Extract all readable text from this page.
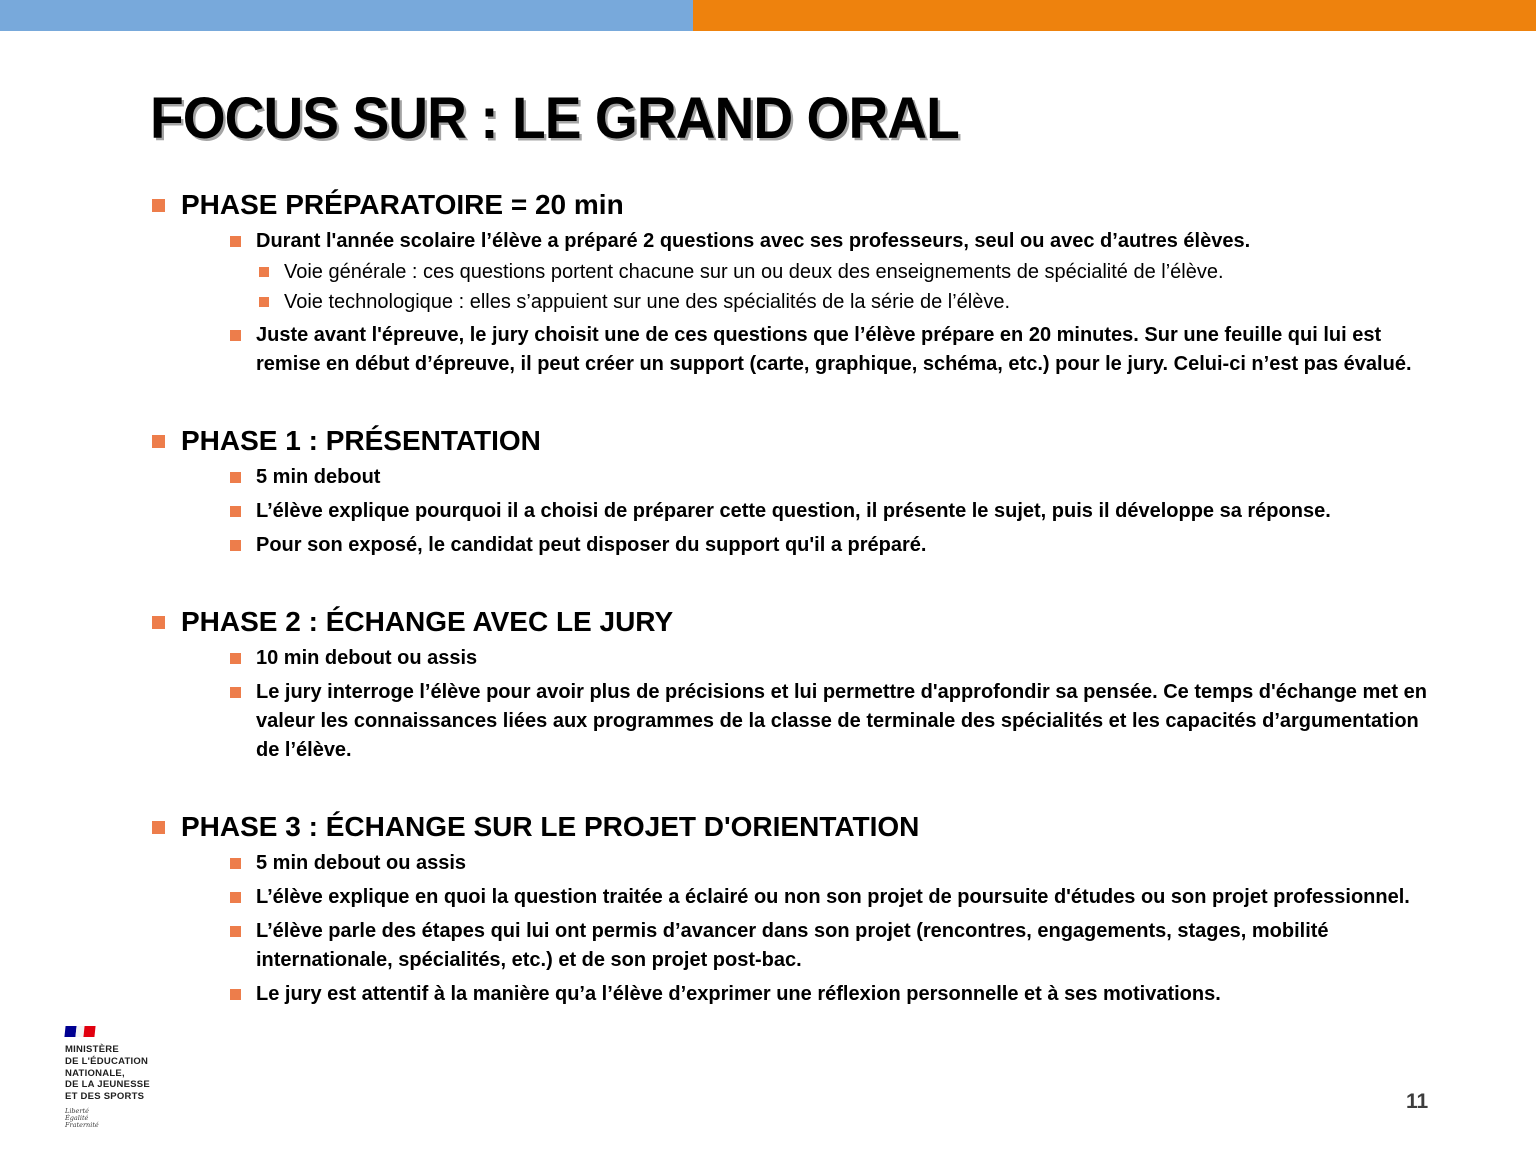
FOCUS SUR : LE GRAND ORAL
PHASE PRÉPARATOIRE = 20 min

Durant l'année scolaire l’élève a préparé 2 questions avec ses professeurs, seul ou avec d’autres élèves.

Voie générale : ces questions portent chacune sur un ou deux des enseignements de spécialité de l’élève.

Voie technologique : elles s’appuient sur une des spécialités de la série de l’élève.

Juste avant l'épreuve, le jury choisit une de ces questions que l’élève prépare en 20 minutes. Sur une feuille qui lui est remise en début d’épreuve, il peut créer un support (carte, graphique, schéma, etc.) pour le jury. Celui-ci n’est pas évalué.

PHASE 1 : PRÉSENTATION

5 min debout

L’élève explique pourquoi il a choisi de préparer cette question, il présente le sujet, puis il développe sa réponse.

Pour son exposé, le candidat peut disposer du support qu'il a préparé.

PHASE 2 : ÉCHANGE AVEC LE JURY

10 min debout ou assis

Le jury interroge l’élève pour avoir plus de précisions et lui permettre d'approfondir sa pensée. Ce temps d'échange met en valeur les connaissances liées aux programmes de la classe de terminale des spécialités et les capacités d’argumentation de l’élève.

PHASE 3 : ÉCHANGE SUR LE PROJET D'ORIENTATION

5 min debout ou assis

L’élève explique en quoi la question traitée a éclairé ou non son projet de poursuite d'études ou son projet professionnel.

L’élève parle des étapes qui lui ont permis d’avancer dans son projet (rencontres, engagements, stages, mobilité internationale, spécialités, etc.) et de son projet post-bac.

Le jury est attentif à la manière qu’a l’élève d’exprimer une réflexion personnelle et à ses motivations.

MINISTÈRE
DE L'ÉDUCATION
NATIONALE,
DE LA JEUNESSE
ET DES SPORTS
Liberté
Égalité
Fraternité
11
